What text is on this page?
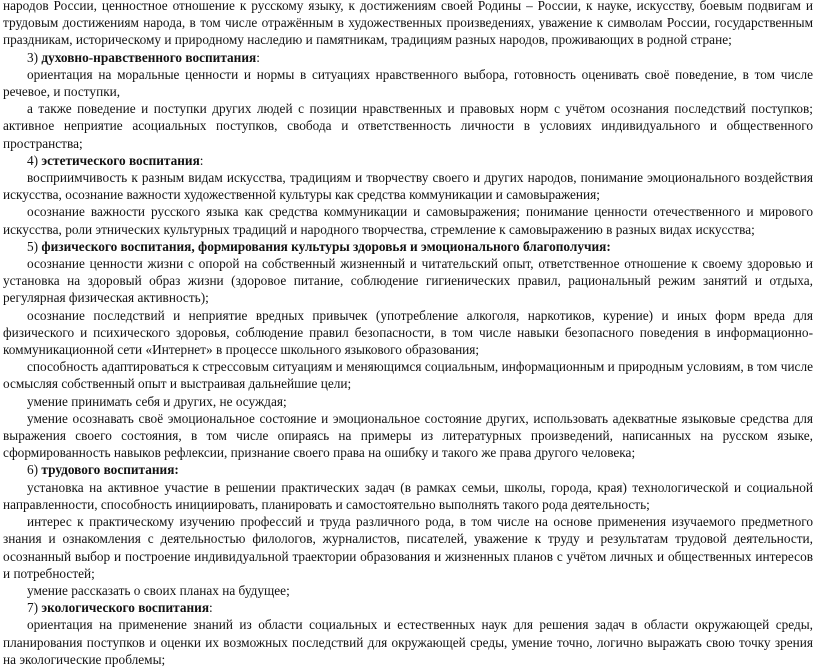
народов России, ценностное отношение к русскому языку, к достижениям своей Родины – России, к науке, искусству, боевым подвигам и трудовым достижениям народа, в том числе отражённым в художественных произведениях, уважение к символам России, государственным праздникам, историческому и природному наследию и памятникам, традициям разных народов, проживающих в родной стране;

3) духовно-нравственного воспитания:

ориентация на моральные ценности и нормы в ситуациях нравственного выбора, готовность оценивать своё поведение, в том числе речевое, и поступки,

а также поведение и поступки других людей с позиции нравственных и правовых норм с учётом осознания последствий поступков; активное неприятие асоциальных поступков, свобода и ответственность личности в условиях индивидуального и общественного пространства;

4) эстетического воспитания:

восприимчивость к разным видам искусства, традициям и творчеству своего и других народов, понимание эмоционального воздействия искусства, осознание важности художественной культуры как средства коммуникации и самовыражения;

осознание важности русского языка как средства коммуникации и самовыражения; понимание ценности отечественного и мирового искусства, роли этнических культурных традиций и народного творчества, стремление к самовыражению в разных видах искусства;

5) физического воспитания, формирования культуры здоровья и эмоционального благополучия:

осознание ценности жизни с опорой на собственный жизненный и читательский опыт, ответственное отношение к своему здоровью и установка на здоровый образ жизни (здоровое питание, соблюдение гигиенических правил, рациональный режим занятий и отдыха, регулярная физическая активность);

осознание последствий и неприятие вредных привычек (употребление алкоголя, наркотиков, курение) и иных форм вреда для физического и психического здоровья, соблюдение правил безопасности, в том числе навыки безопасного поведения в информационно-коммуникационной сети «Интернет» в процессе школьного языкового образования;

способность адаптироваться к стрессовым ситуациям и меняющимся социальным, информационным и природным условиям, в том числе осмысляя собственный опыт и выстраивая дальнейшие цели;

умение принимать себя и других, не осуждая;

умение осознавать своё эмоциональное состояние и эмоциональное состояние других, использовать адекватные языковые средства для выражения своего состояния, в том числе опираясь на примеры из литературных произведений, написанных на русском языке, сформированность навыков рефлексии, признание своего права на ошибку и такого же права другого человека;

6) трудового воспитания:

установка на активное участие в решении практических задач (в рамках семьи, школы, города, края) технологической и социальной направленности, способность инициировать, планировать и самостоятельно выполнять такого рода деятельность;

интерес к практическому изучению профессий и труда различного рода, в том числе на основе применения изучаемого предметного знания и ознакомления с деятельностью филологов, журналистов, писателей, уважение к труду и результатам трудовой деятельности, осознанный выбор и построение индивидуальной траектории образования и жизненных планов с учётом личных и общественных интересов и потребностей;

умение рассказать о своих планах на будущее;

7) экологического воспитания:

ориентация на применение знаний из области социальных и естественных наук для решения задач в области окружающей среды, планирования поступков и оценки их возможных последствий для окружающей среды, умение точно, логично выражать свою точку зрения на экологические проблемы;
